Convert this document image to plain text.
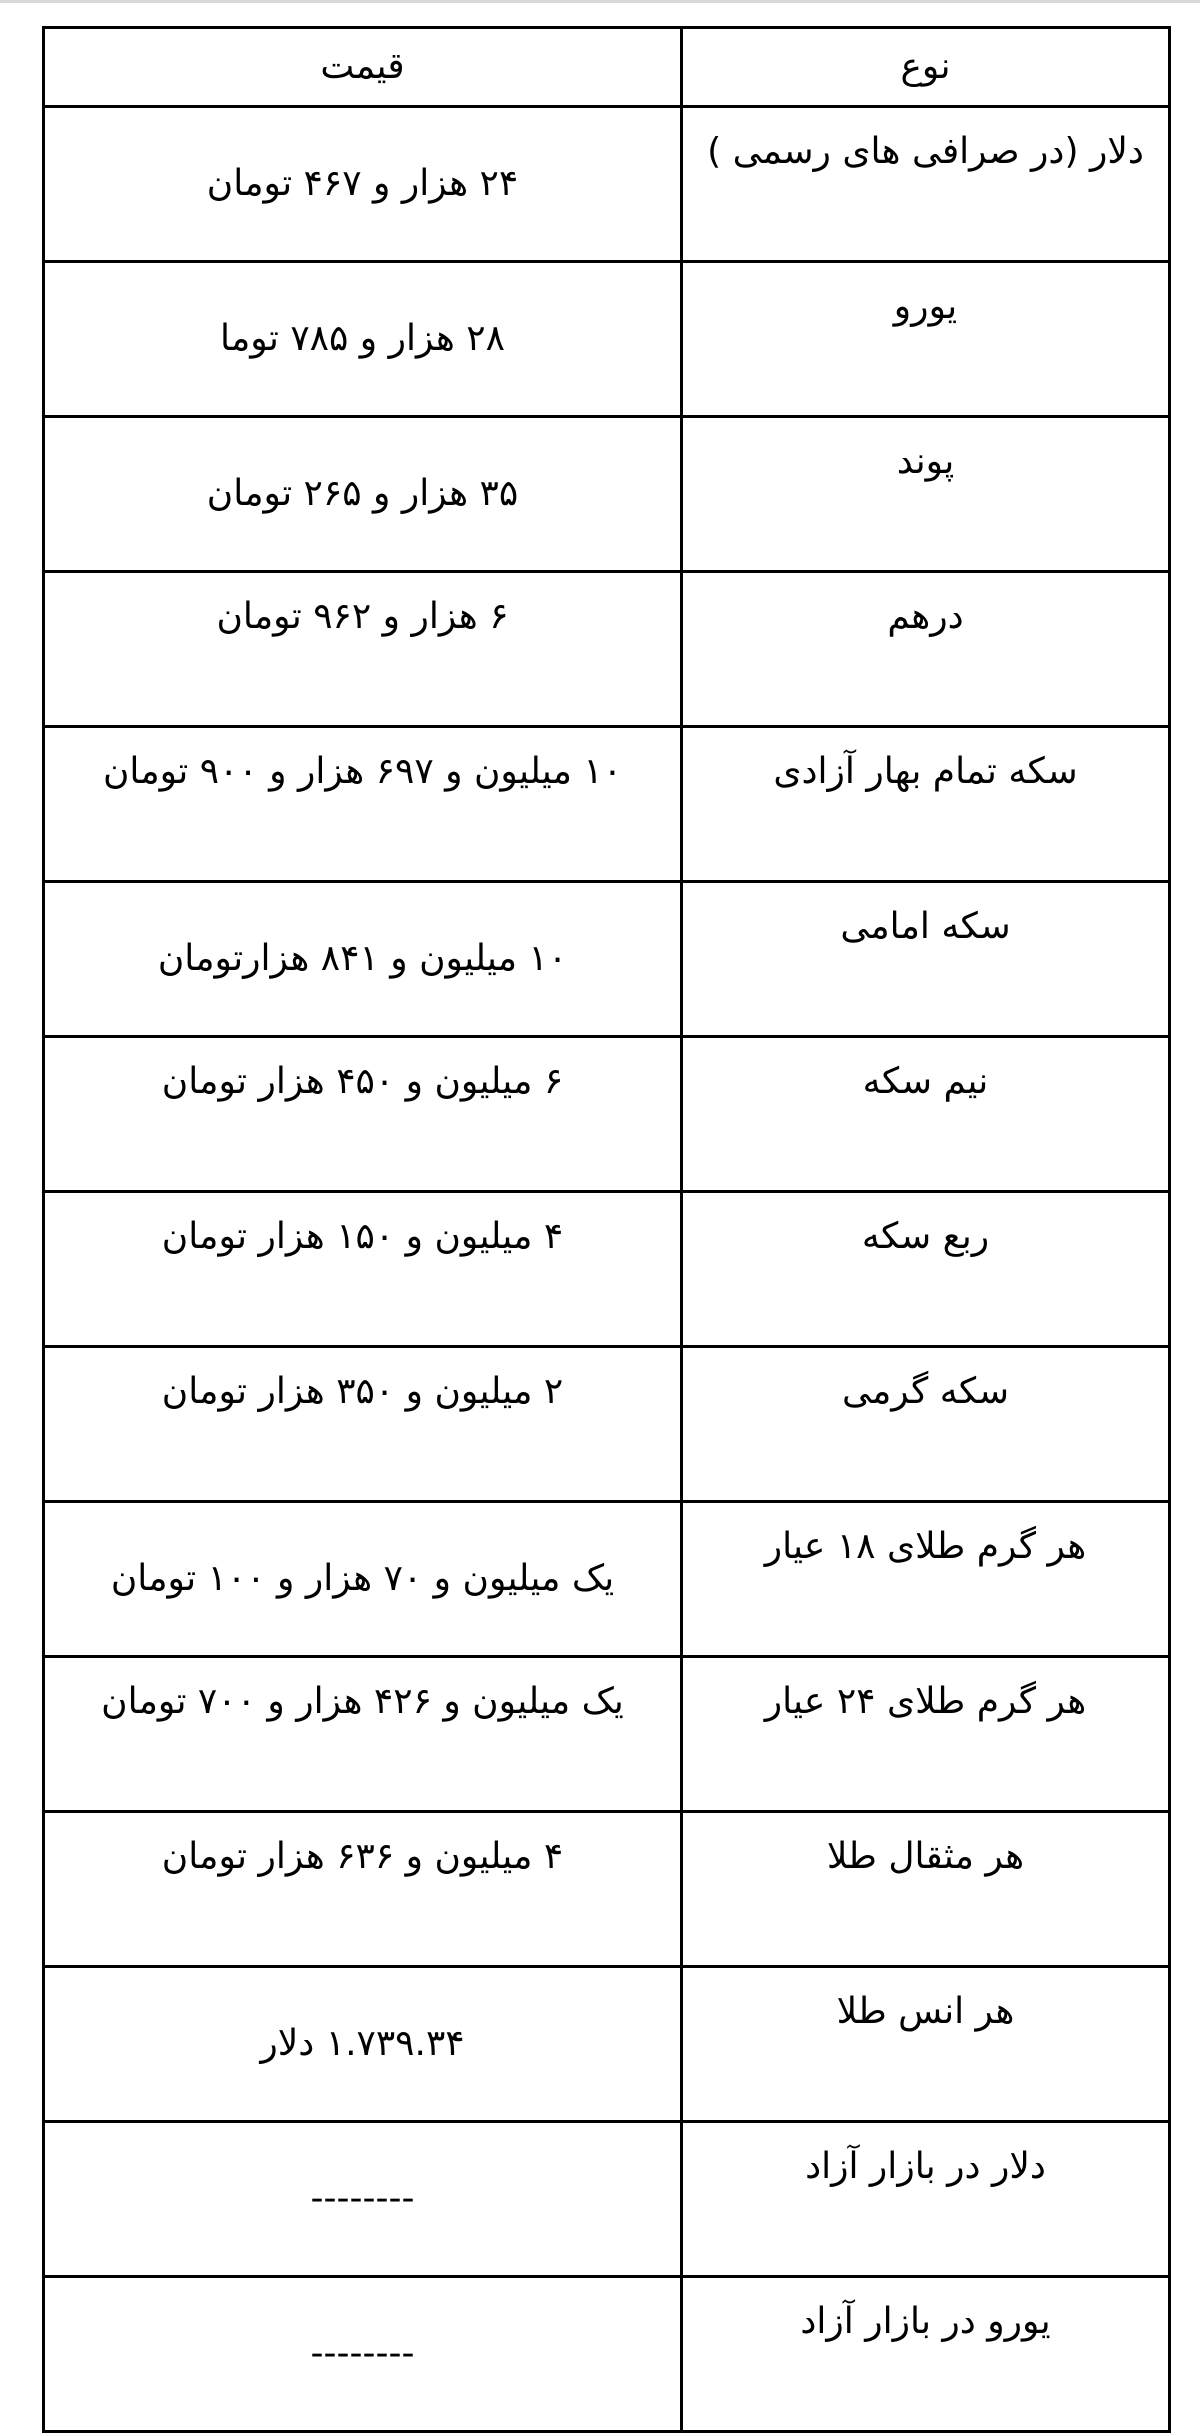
نوع	قیمت
دلار (در صرافی های رسمی )	۲۴ هزار و ۴۶۷ تومان
یورو	۲۸ هزار و ۷۸۵ توما
پوند	۳۵ هزار و ۲۶۵ تومان
درهم	۶ هزار و ۹۶۲ تومان
سکه تمام بهار آزادی	۱۰ میلیون و ۶۹۷ هزار و ۹۰۰ تومان
سکه امامی	۱۰ میلیون و ۸۴۱ هزارتومان
نیم سکه	۶ میلیون و ۴۵۰ هزار تومان
ربع سکه	۴ میلیون و ۱۵۰ هزار تومان
سکه گرمی	۲ میلیون و ۳۵۰ هزار تومان
هر گرم طلای ۱۸ عیار	یک میلیون و ۷۰ هزار و ۱۰۰ تومان
هر گرم طلای ۲۴ عیار	یک میلیون و ۴۲۶ هزار و ۷۰۰ تومان
هر مثقال طلا	۴ میلیون و ۶۳۶ هزار تومان
هر انس طلا	۱.۷۳۹.۳۴ دلار
دلار در بازار آزاد	--------
یورو در بازار آزاد	--------
